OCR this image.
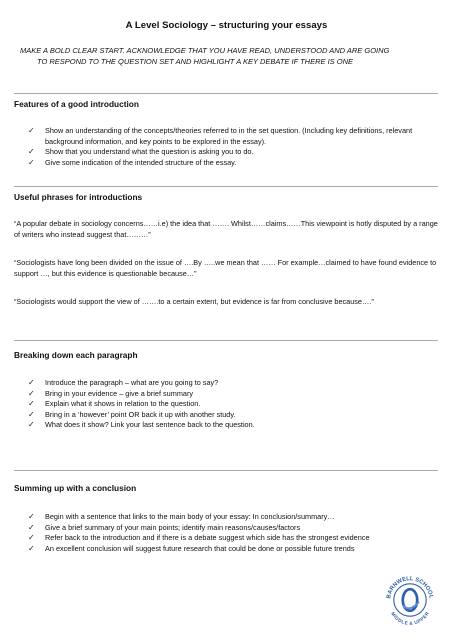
A Level Sociology – structuring your essays
MAKE A BOLD CLEAR START. ACKNOWLEDGE THAT YOU HAVE READ, UNDERSTOOD AND ARE GOING
TO RESPOND TO THE QUESTION SET AND HIGHLIGHT A KEY DEBATE IF THERE IS ONE
Features of a good introduction
✓ Show an understanding of the concepts/theories referred to in the set question. (Including key definitions, relevant background information, and key points to be explored in the essay).
✓ Show that you understand what the question is asking you to do.
✓ Give some indication of the intended structure of the essay.
Useful phrases for introductions
“A popular debate in sociology concerns……i.e) the idea that ……. Whilst……claims……This viewpoint is hotly disputed by a range of writers who instead suggest that………”
“Sociologists have long been divided on the issue of ….By …..we mean that …… For example…claimed to have found evidence to support …, but this evidence is questionable because…”
“Sociologists would support the view of …….to a certain extent, but evidence is far from conclusive because….”
Breaking down each paragraph
✓ Introduce the paragraph – what are you going to say?
✓ Bring in your evidence – give a brief summary
✓ Explain what it shows in relation to the question.
✓ Bring in a ‘however’ point OR back it up with another study.
✓ What does it show? Link your last sentence back to the question.
Summing up with a conclusion
✓ Begin with a sentence that links to the main body of your essay: In conclusion/summary…
✓ Give a brief summary of your main points; identify main reasons/causes/factors
✓ Refer back to the introduction and if there is a debate suggest which side has the strongest evidence
✓ An excellent conclusion will suggest future research that could be done or possible future trends
BARNWELL SCHOOL
MIDDLE & UPPER
